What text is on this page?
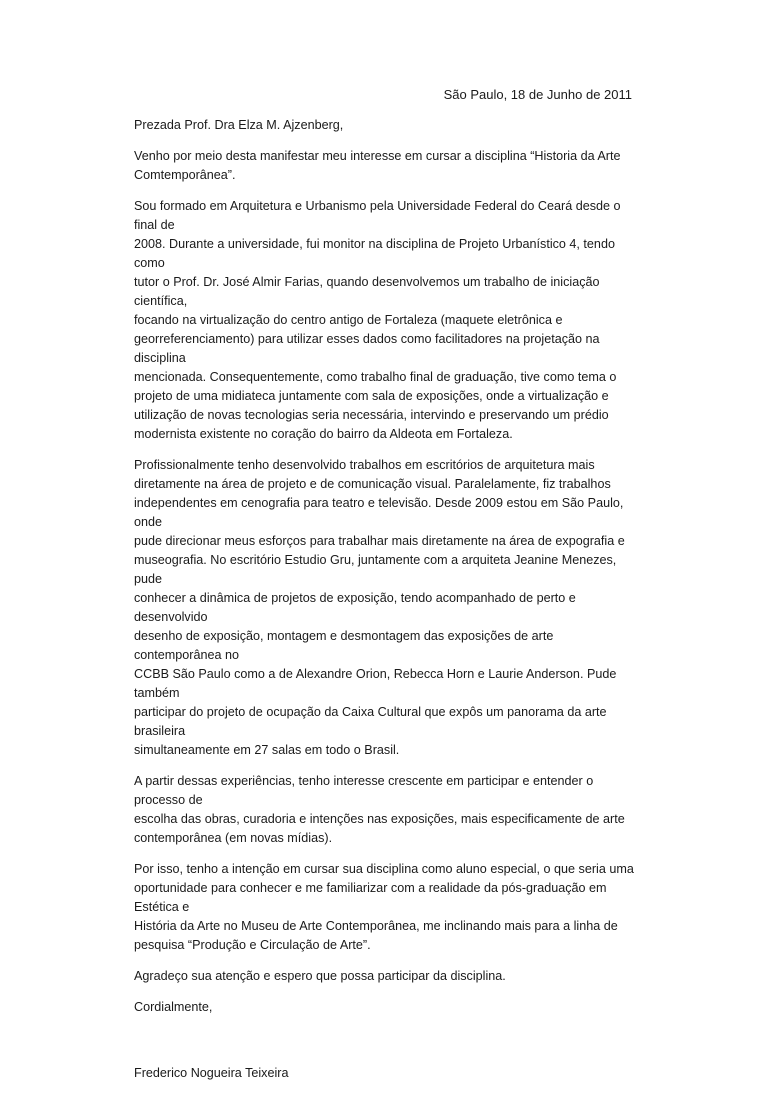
São Paulo, 18 de Junho de 2011

Prezada Prof. Dra Elza M. Ajzenberg,

Venho por meio desta manifestar meu interesse em cursar a disciplina “Historia da Arte
Comtemporânea”.

Sou formado em Arquitetura e Urbanismo pela Universidade Federal do Ceará desde o final de
2008. Durante a universidade, fui monitor na disciplina de Projeto Urbanístico 4, tendo como
tutor o Prof. Dr. José Almir Farias, quando desenvolvemos um trabalho de iniciação científica,
focando na virtualização do centro antigo de Fortaleza (maquete eletrônica e
georreferenciamento) para utilizar esses dados como facilitadores na projetação na disciplina
mencionada. Consequentemente, como trabalho final de graduação, tive como tema o
projeto de uma midiateca juntamente com sala de exposições, onde a virtualização e
utilização de novas tecnologias seria necessária, intervindo e preservando um prédio
modernista existente no coração do bairro da Aldeota em Fortaleza.

Profissionalmente tenho desenvolvido trabalhos em escritórios de arquitetura mais
diretamente na área de projeto e de comunicação visual. Paralelamente, fiz trabalhos
independentes em cenografia para teatro e televisão. Desde 2009 estou em São Paulo, onde
pude direcionar meus esforços para trabalhar mais diretamente na área de expografia e
museografia. No escritório Estudio Gru, juntamente com a arquiteta Jeanine Menezes, pude
conhecer a dinâmica de projetos de exposição, tendo acompanhado de perto e desenvolvido
desenho de exposição, montagem e desmontagem das exposições de arte contemporânea no
CCBB São Paulo como a de Alexandre Orion, Rebecca Horn e Laurie Anderson. Pude também
participar do projeto de ocupação da Caixa Cultural que expôs um panorama da arte brasileira
simultaneamente em 27 salas em todo o Brasil.

A partir dessas experiências, tenho interesse crescente em participar e entender o processo de
escolha das obras, curadoria e intenções nas exposições, mais especificamente de arte
contemporânea (em novas mídias).

Por isso, tenho a intenção em cursar sua disciplina como aluno especial, o que seria uma
oportunidade para conhecer e me familiarizar com a realidade da pós-graduação em Estética e
História da Arte no Museu de Arte Contemporânea, me inclinando mais para a linha de
pesquisa “Produção e Circulação de Arte”.

Agradeço sua atenção e espero que possa participar da disciplina.

Cordialmente,

Frederico Nogueira Teixeira
